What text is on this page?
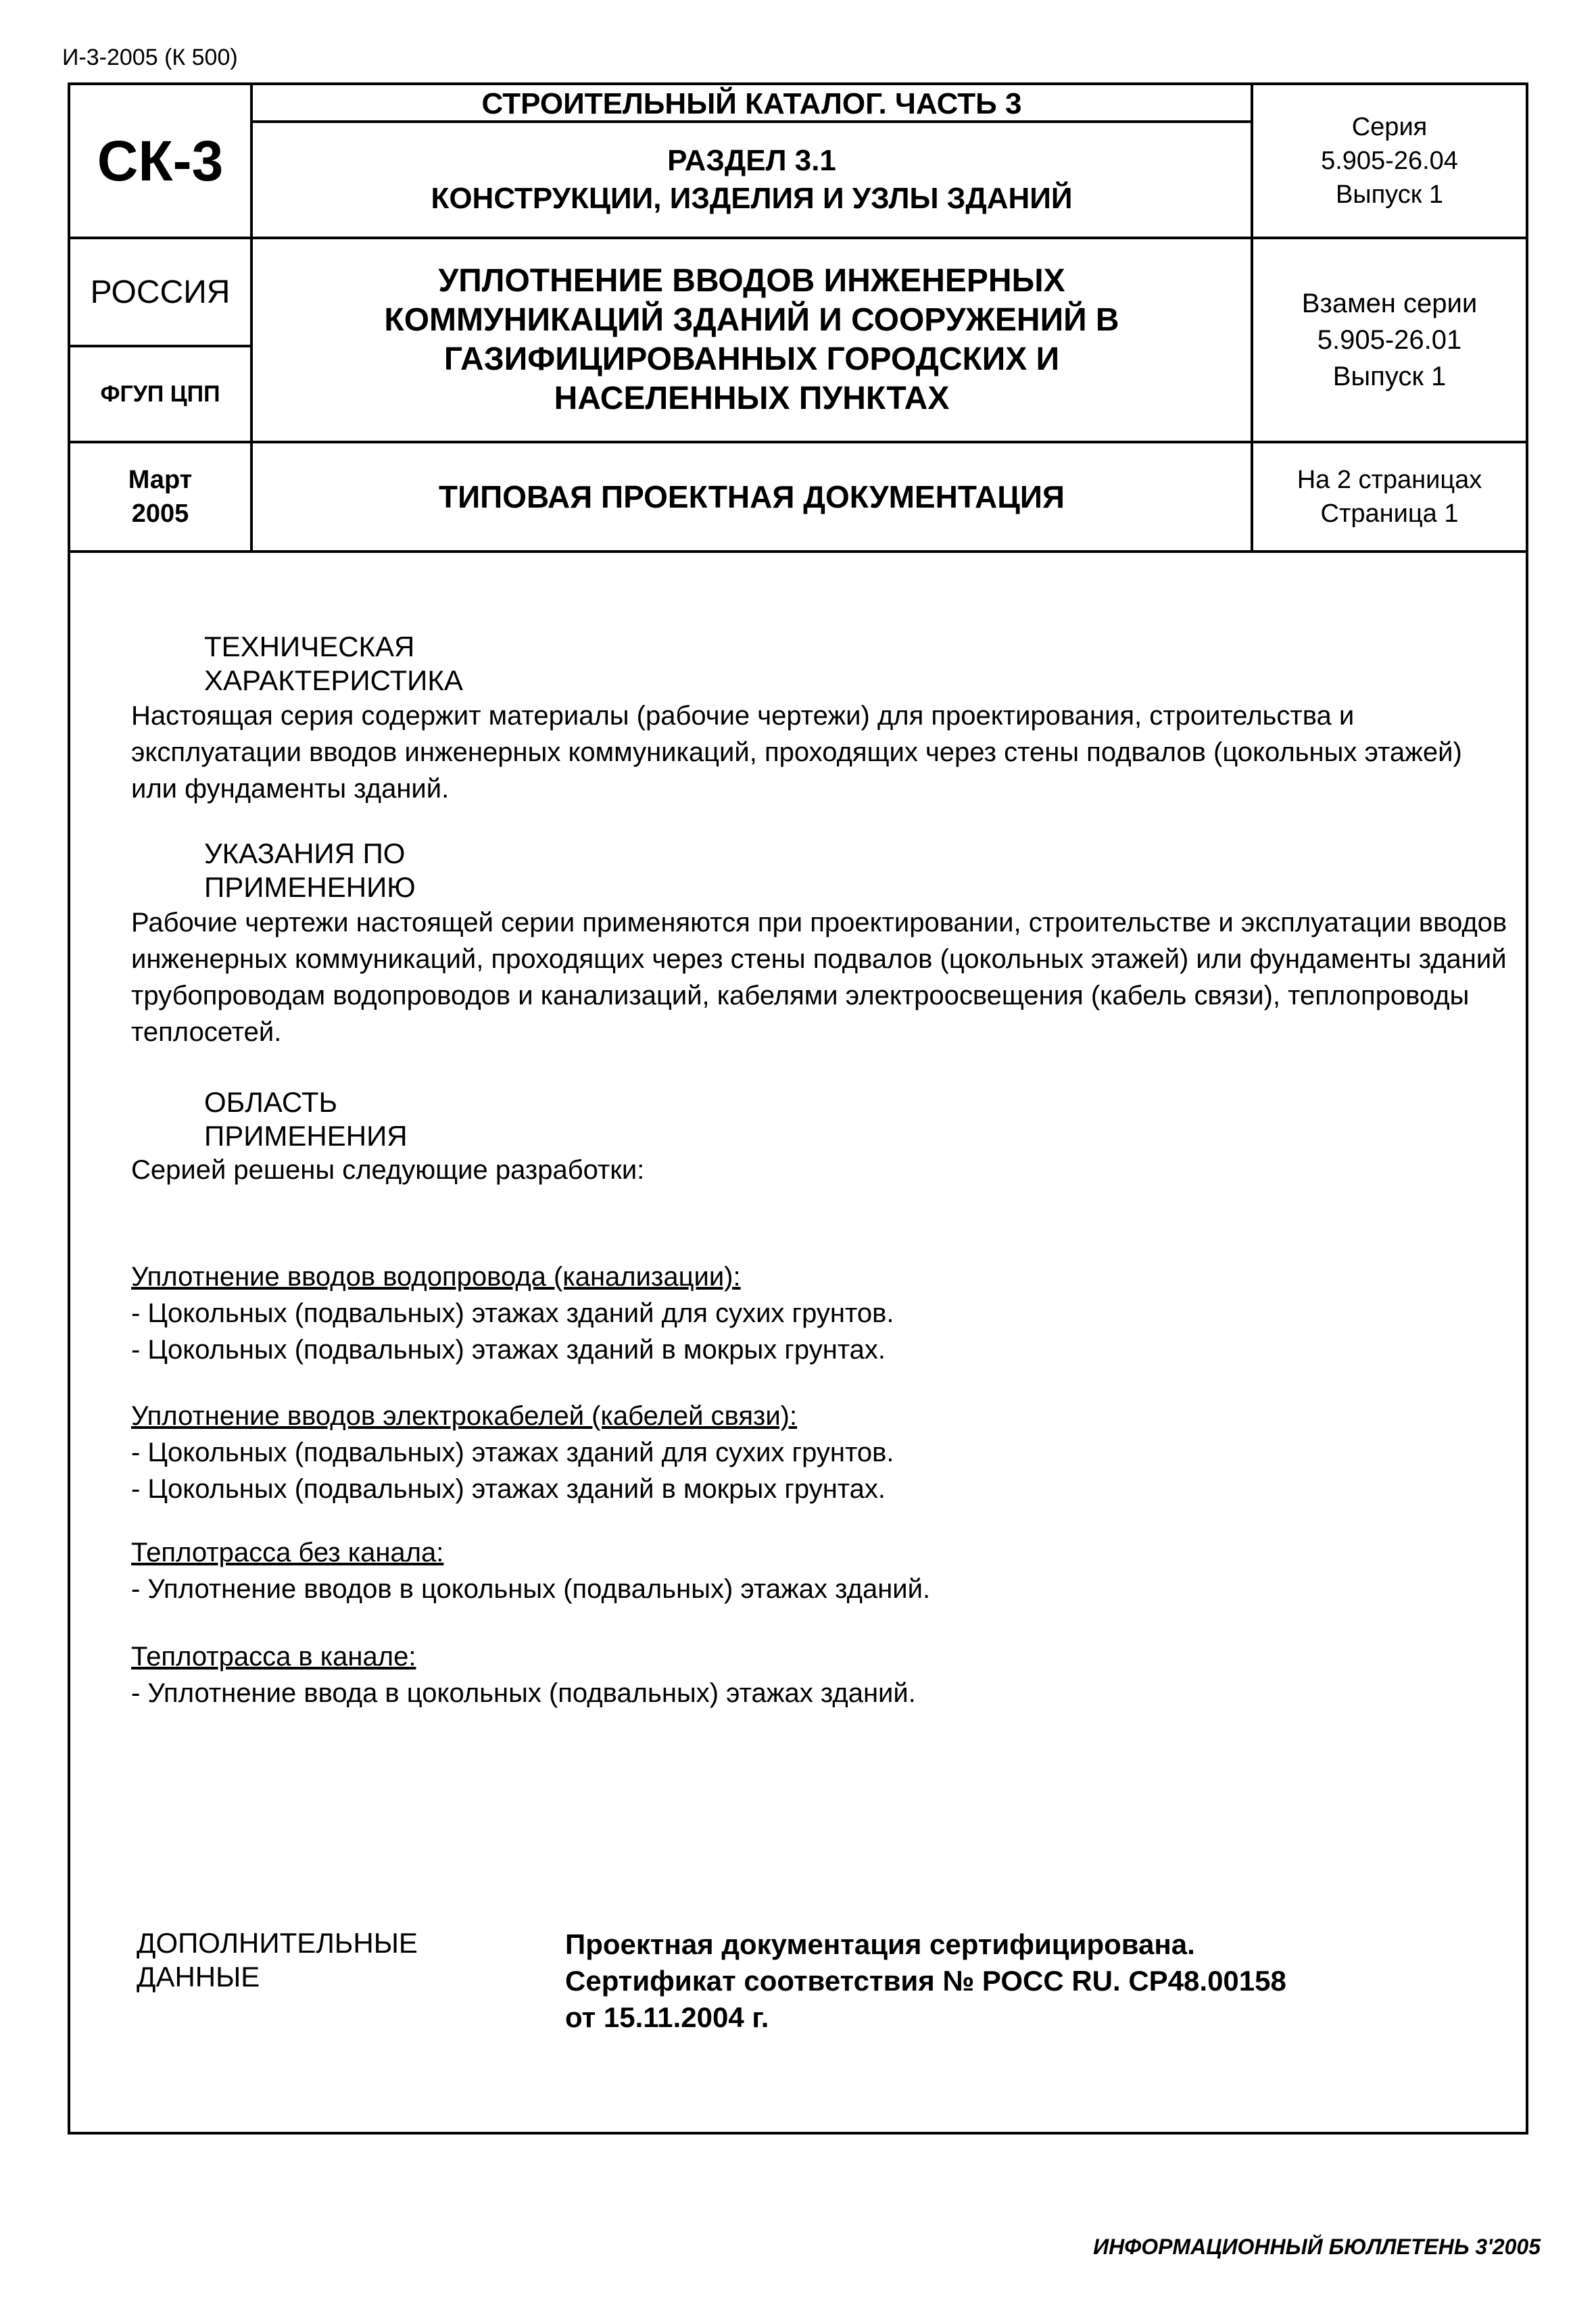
И-3-2005 (К 500)
СК-3
СТРОИТЕЛЬНЫЙ КАТАЛОГ. ЧАСТЬ 3
РАЗДЕЛ 3.1
КОНСТРУКЦИИ, ИЗДЕЛИЯ И УЗЛЫ ЗДАНИЙ
Серия
5.905-26.04
Выпуск 1
РОССИЯ
ФГУП ЦПП
УПЛОТНЕНИЕ ВВОДОВ ИНЖЕНЕРНЫХ
КОММУНИКАЦИЙ ЗДАНИЙ И СООРУЖЕНИЙ В
ГАЗИФИЦИРОВАННЫХ ГОРОДСКИХ И
НАСЕЛЕННЫХ ПУНКТАХ
Взамен серии
5.905-26.01
Выпуск 1
Март
2005	ТИПОВАЯ ПРОЕКТНАЯ ДОКУМЕНТАЦИЯ	На 2 страницах
Страница 1
ТЕХНИЧЕСКАЯ
ХАРАКТЕРИСТИКА
Настоящая серия содержит материалы (рабочие чертежи) для проектирования, строительства и эксплуатации вводов инженерных коммуникаций, проходящих через стены подвалов (цокольных этажей) или фундаменты зданий.
УКАЗАНИЯ ПО
ПРИМЕНЕНИЮ
Рабочие чертежи настоящей серии применяются при проектировании, строительстве и эксплуатации вводов инженерных коммуникаций, проходящих через стены подвалов (цокольных этажей) или фундаменты зданий трубопроводам водопроводов и канализаций, кабелями электроосвещения (кабель связи), теплопроводы теплосетей.
ОБЛАСТЬ
ПРИМЕНЕНИЯ
Серией решены следующие разработки:
Уплотнение вводов водопровода (канализации):
- Цокольных (подвальных) этажах зданий для сухих грунтов.
- Цокольных (подвальных) этажах зданий в мокрых грунтах.
Уплотнение вводов электрокабелей (кабелей связи):
- Цокольных (подвальных) этажах зданий для сухих грунтов.
- Цокольных (подвальных) этажах зданий в мокрых грунтах.
Теплотрасса без канала:
- Уплотнение вводов в цокольных (подвальных) этажах зданий.
Теплотрасса в канале:
- Уплотнение ввода в цокольных (подвальных) этажах зданий.
ДОПОЛНИТЕЛЬНЫЕ
ДАННЫЕ
Проектная документация сертифицирована.
Сертификат соответствия № РОСС RU. СР48.00158
от 15.11.2004 г.
ИНФОРМАЦИОННЫЙ БЮЛЛЕТЕНЬ 3'2005
